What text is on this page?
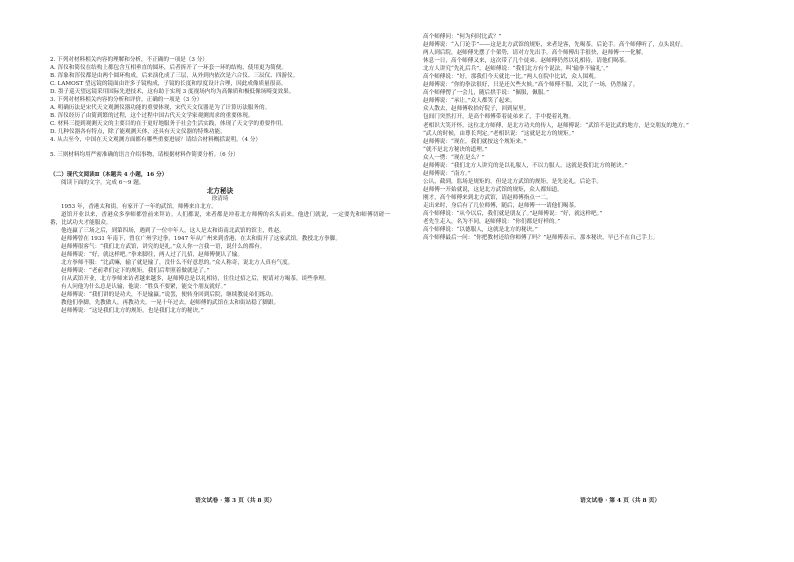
2. 下列对材料相关内容的理解和分析，不正确的一项是（3 分）

A. 浑仪和简仪在结构上都包含互相垂直的圆环，后者拆开了一环套一环的结构，使用更为简便。

B. 浑象和浑仪都是由两个圆环构成，后来演化成了三层，从外到内依次是六合仪、三辰仪、四游仪。

C. LAMOST 望远镜的镜面由许多子镜构成，子镜的长度和厚度设计合理，因此成像质量很高。

D. 墨子巡天望远镜采用国际先进技术，这有助于实现 3 度视场内均为高像质和极低像场畸变效果。

3. 下列对材料相关内容的分析和评价，正确的一项是（3 分）

A. 明确历法是宋代天文观测仪器功能的重要体现，宋代天文仪器是为了计算历法服务的。

B. 浑仪经历了由简到繁的过程，这个过程中国古代天文学家观测需求的重要体现。

C. 材料三提到观测天文的主要目的在于更好地服务于社会生活实践，体现了天文学的重要作用。

D. 几种仪器各有特点，除了能观测天体，还具有天文仪器的特殊功能。

4. 从古至今，中国在天文观测方面都有哪些重要进展？请结合材料概括说明。（4 分）

5. 三则材料均用严密准确的语言介绍事物，请根据材料作简要分析。（6 分）

（二）现代文阅读Ⅱ（本题共 4 小题，16 分）

阅读下面的文字，完成 6～9 题。

北方秘诀

徐清琦

1953 年，香港太和街，有家开了一年的武馆，师傅来自北方。

道馆开业以来，香港众多拳师都曾前来拜访。人们都说，来者都是冲着北方师傅的名头而来。他进门就说，一定要先和师傅切磋一番，比试功夫才能服众。

他连赢了三场之后，到第四场，遇到了一位中年人，这人是太和街南北武馆的馆主，姓赵。

赵师傅曾在 1931 年南下，曾在广州学过拳，1947 年从广州来到香港，在太和街开了这家武馆，教授北方拳脚。

赵师傅很客气：“我们北方武馆，讲究的是礼。”众人你一言我一语，说什么的都有。

赵师傅说：“好，就这样吧。”拳来脚往，两人过了几招，赵师傅便认了输。

北方拳师不服：“比武嘛，输了就是输了，没什么不好意思的。”众人称奇，说北方人真有气度。

赵师傅说：“老前辈们定下的规矩，我们后辈照着做就是了。”

自从武馆开业，北方拳师来访者越来越多，赵师傅总是以礼相待，往往过招之后，便请对方喝茶，谈些拳理。

有人问他为什么总是认输，他说：“胜负不要紧，能交个朋友就好。”

赵师傅说：“我们讲的是功夫，不是输赢。”说罢，便转身回到后院，继续教徒弟们练功。

教他们拳脚，先教做人，再教功夫。一晃十年过去，赵师傅的武馆在太和街站稳了脚跟。

赵师傅说：“这是我们北方的规矩，也是我们北方的秘诀。”

高个师傅问：“何为何时比武？”

赵师傅说：“入门论手”——这是北方武馆的规矩，来者是客，先喝茶，后论手。高个师傅听了，点头说好。

两人到后院，赵师傅先摆了个架势，请对方先出手。高个师傅出手很快，赵师傅一一化解。

休息一日，高个师傅又来，这次带了几个徒弟。赵师傅仍然以礼相待，请他们喝茶。

北方人讲究“先礼后兵”，赵师傅说：“我们北方有个说法，叫‘输拳不输礼’。”

高个师傅说：“好，那我们今天就比一比。”两人在院中比试，众人围观。

赵师傅说：“你的拳法很好，只是还欠些火候。”高个师傅不服，又比了一场，仍然输了。

高个师傅愣了一会儿，随后拱手说：“佩服，佩服。”

赵师傅说：“承让。”众人都笑了起来。

众人散去，赵师傅收拾好院子，回到屋里。

包间门突然打开，是高个师傅带着徒弟来了，手中提着礼物。

老相识大笑开怀，这位北方师傅，是北方功夫的传人，赵师傅说：“武馆不是比武的地方，是交朋友的地方。”

“武人的时候，由尊长判定。”老相识说：“这就是北方的规矩。”

赵师傅说：“现在，我们就按这个规矩来。”

“就不是北方秘诀的道理。”

众人一愣：“现在是么？”

赵师傅说：“我们北方人讲究的是以礼服人，不以力服人。这就是我们北方的秘诀。”

赵师傅说：“南方。”

公认，截到，监场是规矩的，但是北方武馆的规矩，是先论礼，后论手。

赵师傅一开始就说，这是北方武馆的规矩，众人都知道。

刚才，高个师傅来到北方武馆，请赵师傅指点一二。

走出来时，身后有了几位师傅，随后，赵师傅一一请他们喝茶。

高个师傅说：“从今以后，我们就是朋友了。”赵师傅说：“好，就这样吧。”

老先生走入，名为不同，赵师傅说：“你们都是好样的。”

高个师傅说：“以德服人，这就是北方的秘诀。”

高个师傅最后一问：“你把教材还给你师傅了吗？”赵师傅表示，那本秘诀，早已不在自己手上。

语文试卷 · 第 3 页（共 8 页）	语文试卷 · 第 4 页（共 8 页）
